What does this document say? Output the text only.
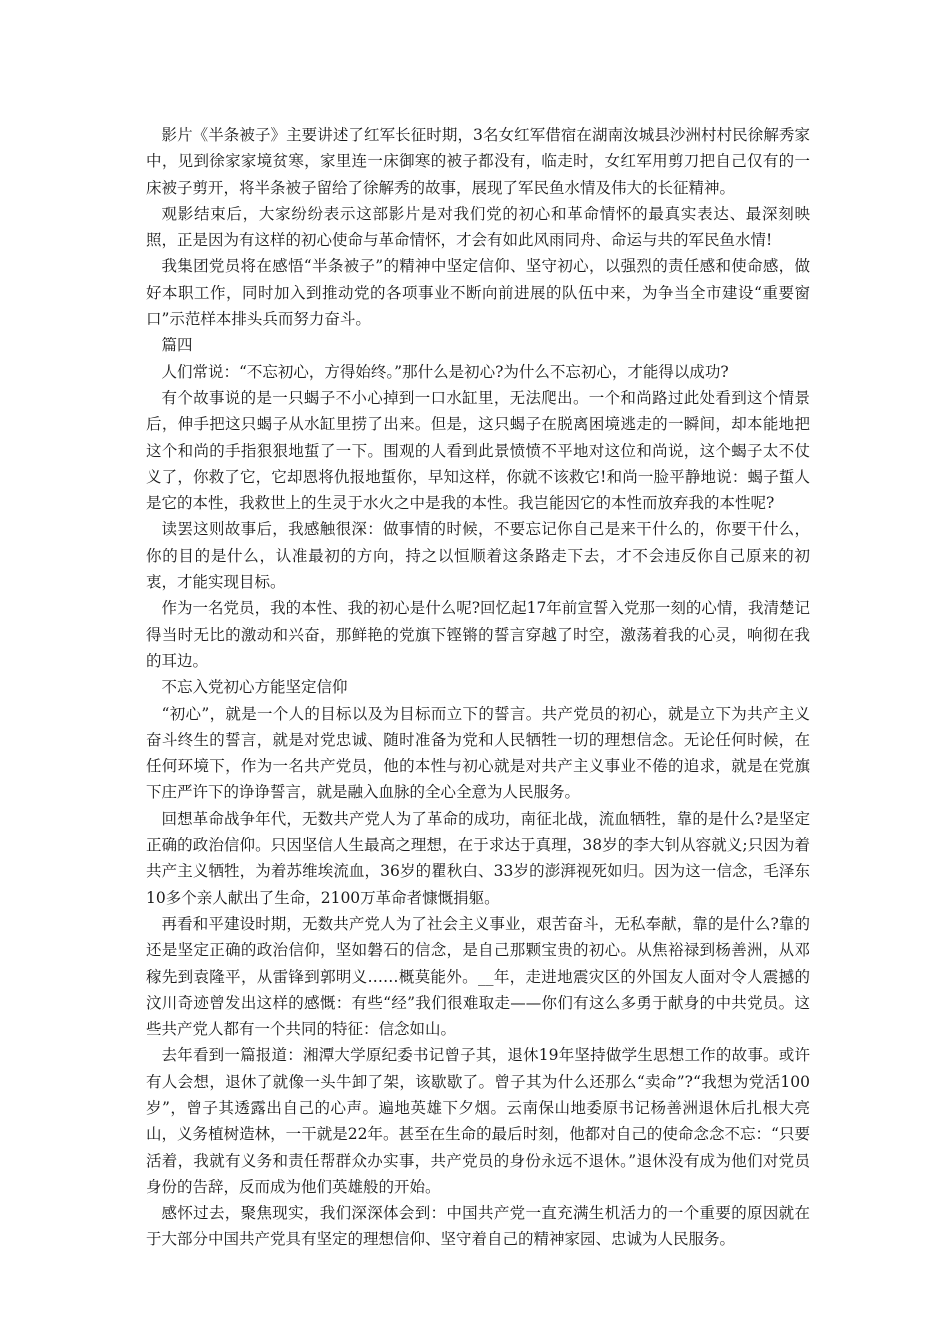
影片《半条被子》主要讲述了红军长征时期，3名女红军借宿在湖南汝城县沙洲村村民徐解秀家中，见到徐家家境贫寒，家里连一床御寒的被子都没有，临走时，女红军用剪刀把自己仅有的一床被子剪开，将半条被子留给了徐解秀的故事，展现了军民鱼水情及伟大的长征精神。

观影结束后，大家纷纷表示这部影片是对我们党的初心和革命情怀的最真实表达、最深刻映照，正是因为有这样的初心使命与革命情怀，才会有如此风雨同舟、命运与共的军民鱼水情!

我集团党员将在感悟“半条被子”的精神中坚定信仰、坚守初心，以强烈的责任感和使命感，做好本职工作，同时加入到推动党的各项事业不断向前进展的队伍中来，为争当全市建设“重要窗口”示范样本排头兵而努力奋斗。

篇四

人们常说：“不忘初心，方得始终。”那什么是初心?为什么不忘初心，才能得以成功?

有个故事说的是一只蝎子不小心掉到一口水缸里，无法爬出。一个和尚路过此处看到这个情景后，伸手把这只蝎子从水缸里捞了出来。但是，这只蝎子在脱离困境逃走的一瞬间，却本能地把这个和尚的手指狠狠地蜇了一下。围观的人看到此景愤愤不平地对这位和尚说，这个蝎子太不仗义了，你救了它，它却恩将仇报地蜇你，早知这样，你就不该救它!和尚一脸平静地说：蝎子蜇人是它的本性，我救世上的生灵于水火之中是我的本性。我岂能因它的本性而放弃我的本性呢?

读罢这则故事后，我感触很深：做事情的时候，不要忘记你自己是来干什么的，你要干什么，你的目的是什么，认准最初的方向，持之以恒顺着这条路走下去，才不会违反你自己原来的初衷，才能实现目标。

作为一名党员，我的本性、我的初心是什么呢?回忆起17年前宣誓入党那一刻的心情，我清楚记得当时无比的激动和兴奋，那鲜艳的党旗下铿锵的誓言穿越了时空，激荡着我的心灵，响彻在我的耳边。

不忘入党初心方能坚定信仰

“初心”，就是一个人的目标以及为目标而立下的誓言。共产党员的初心，就是立下为共产主义奋斗终生的誓言，就是对党忠诚、随时准备为党和人民牺牲一切的理想信念。无论任何时候，在任何环境下，作为一名共产党员，他的本性与初心就是对共产主义事业不倦的追求，就是在党旗下庄严许下的诤诤誓言，就是融入血脉的全心全意为人民服务。

回想革命战争年代，无数共产党人为了革命的成功，南征北战，流血牺牲，靠的是什么?是坚定正确的政治信仰。只因坚信人生最高之理想，在于求达于真理，38岁的李大钊从容就义;只因为着共产主义牺牲，为着苏维埃流血，36岁的瞿秋白、33岁的澎湃视死如归。因为这一信念，毛泽东10多个亲人献出了生命，2100万革命者慷慨捐躯。

再看和平建设时期，无数共产党人为了社会主义事业，艰苦奋斗，无私奉献，靠的是什么?靠的还是坚定正确的政治信仰，坚如磐石的信念，是自己那颗宝贵的初心。从焦裕禄到杨善洲，从邓稼先到袁隆平，从雷锋到郭明义……概莫能外。__年，走进地震灾区的外国友人面对令人震撼的汶川奇迹曾发出这样的感慨：有些“经”我们很难取走——你们有这么多勇于献身的中共党员。这些共产党人都有一个共同的特征：信念如山。

去年看到一篇报道：湘潭大学原纪委书记曾子其，退休19年坚持做学生思想工作的故事。或许有人会想，退休了就像一头牛卸了架，该歇歇了。曾子其为什么还那么“卖命”?“我想为党活100岁”，曾子其透露出自己的心声。遍地英雄下夕烟。云南保山地委原书记杨善洲退休后扎根大亮山，义务植树造林，一干就是22年。甚至在生命的最后时刻，他都对自己的使命念念不忘：“只要活着，我就有义务和责任帮群众办实事，共产党员的身份永远不退休。”退休没有成为他们对党员身份的告辞，反而成为他们英雄般的开始。

感怀过去，聚焦现实，我们深深体会到：中国共产党一直充满生机活力的一个重要的原因就在于大部分中国共产党具有坚定的理想信仰、坚守着自己的精神家园、忠诚为人民服务。
